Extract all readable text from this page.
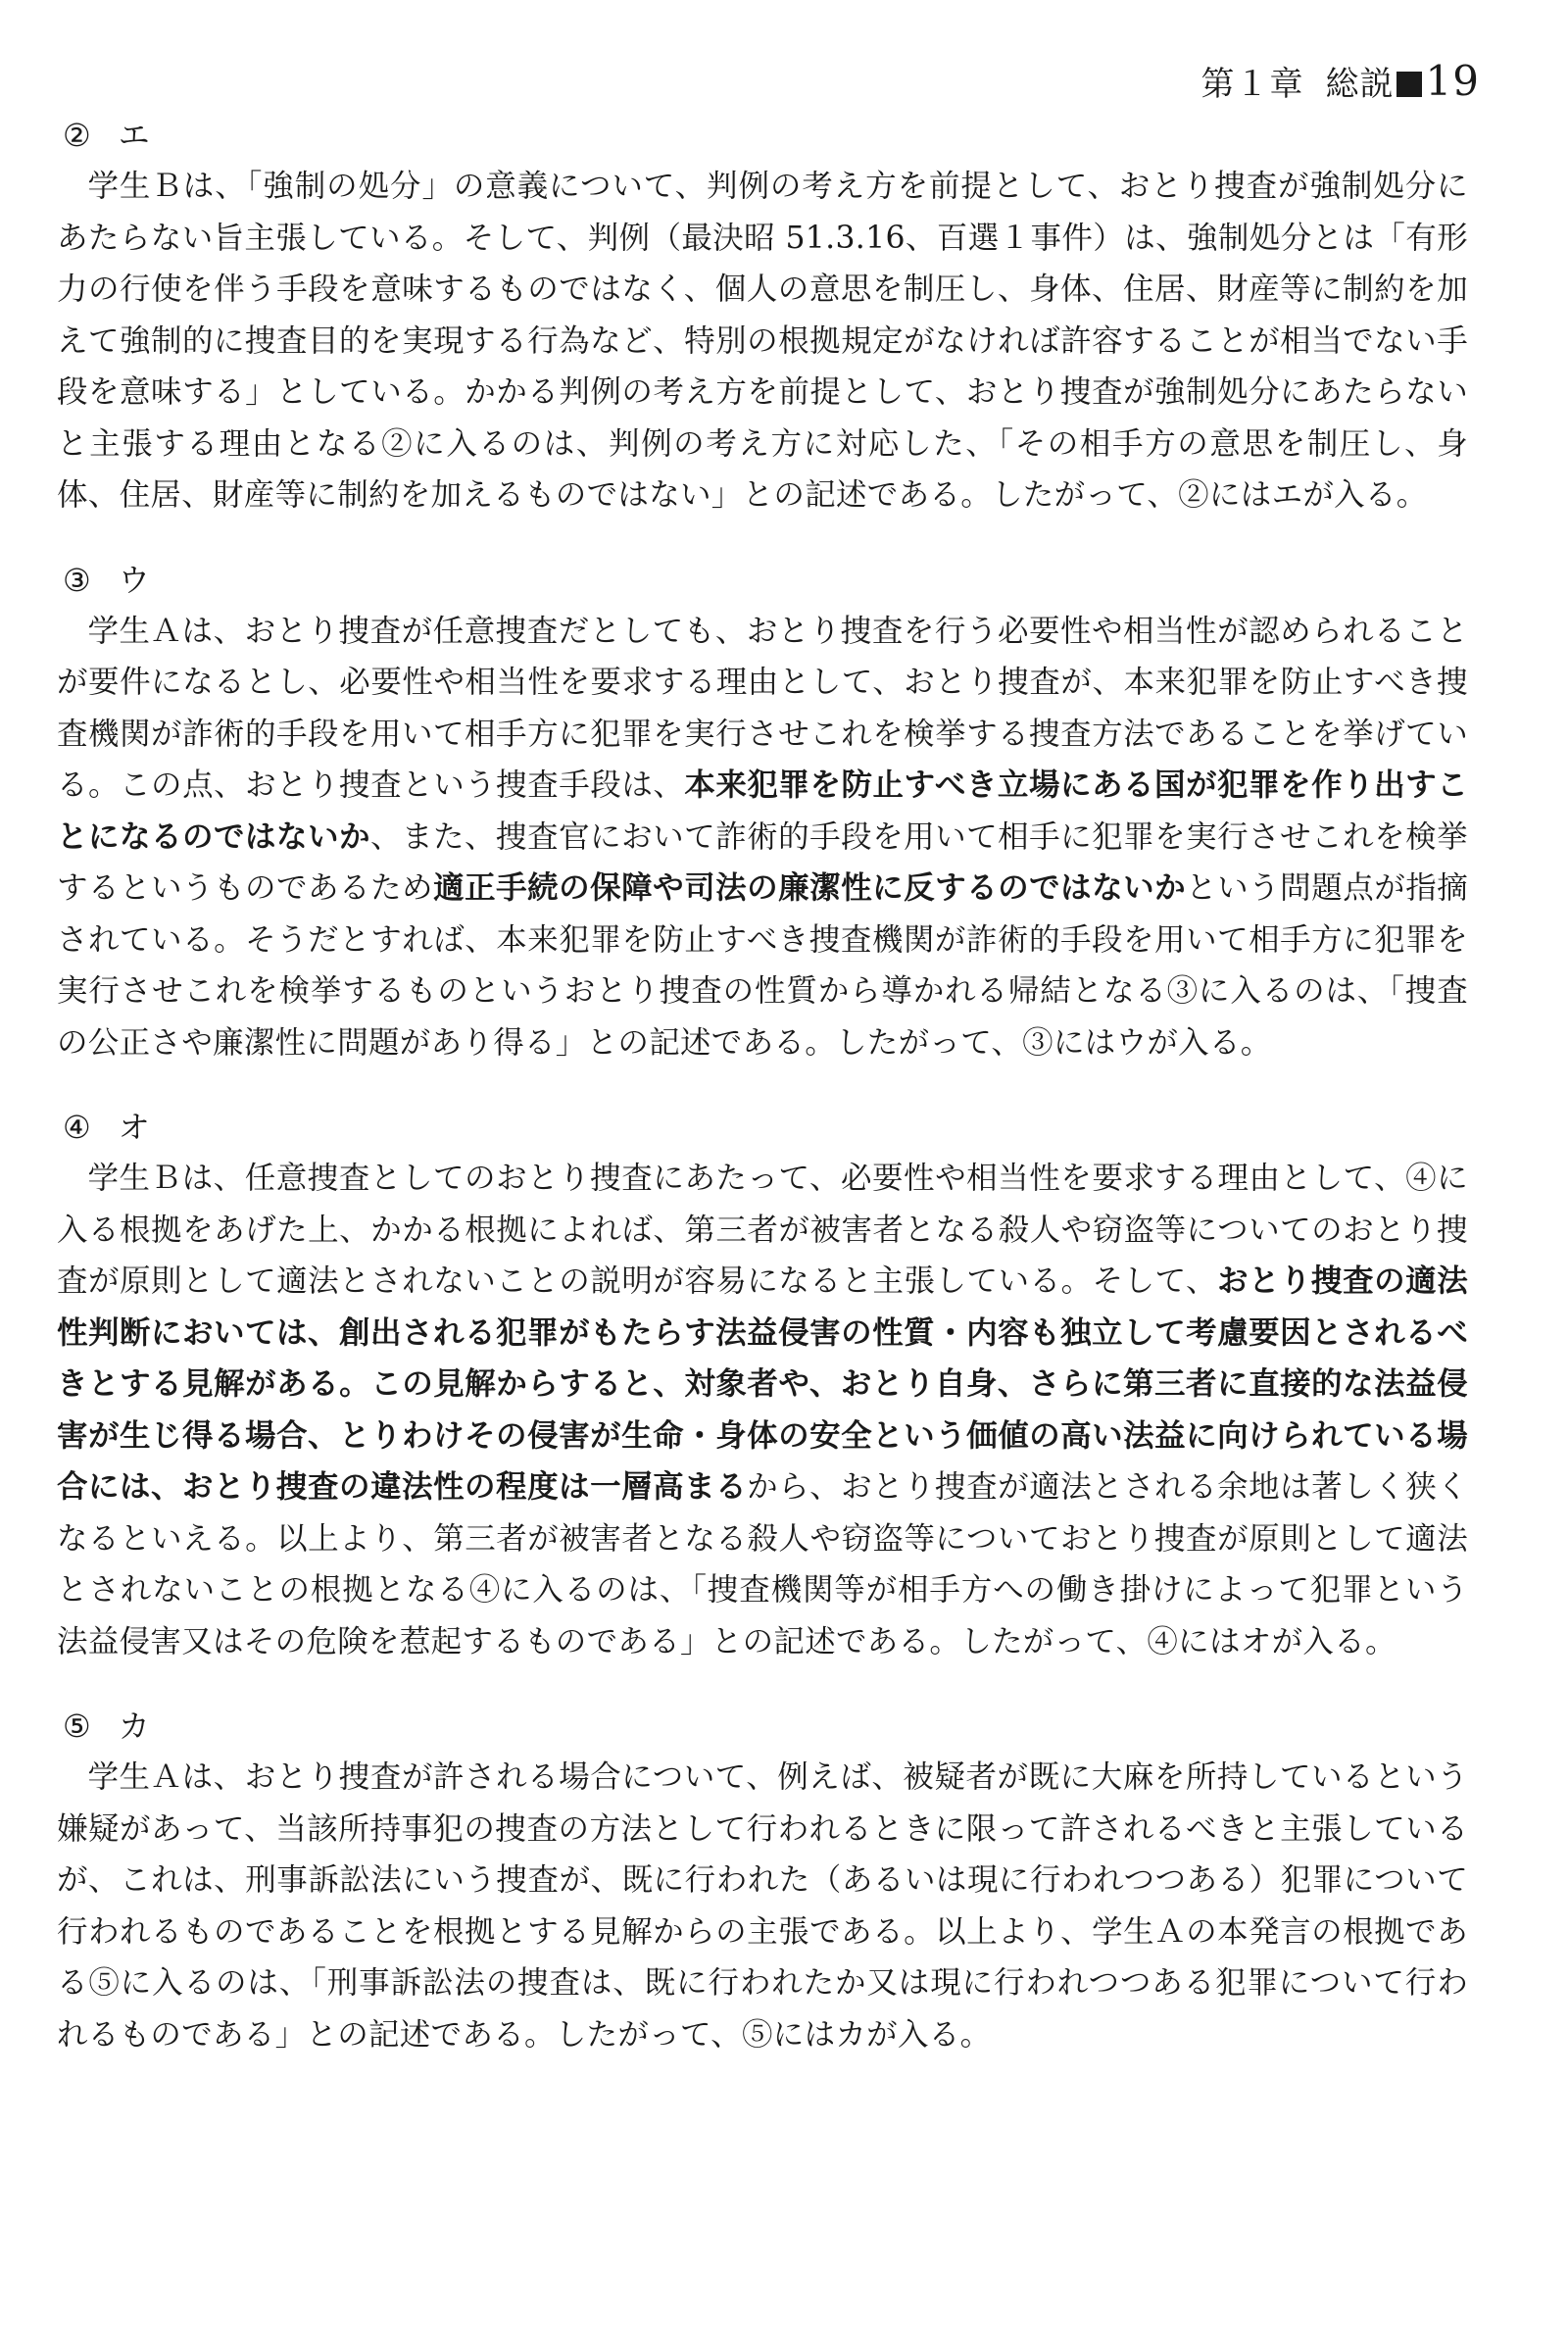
第１章 総説 19
② エ

学生Ｂは、「強制の処分」の意義について、判例の考え方を前提として、おとり捜査が強制処分にあたらない旨主張している。そして、判例（最決昭 51.3.16、百選１事件）は、強制処分とは「有形力の行使を伴う手段を意味するものではなく、個人の意思を制圧し、身体、住居、財産等に制約を加えて強制的に捜査目的を実現する行為など、特別の根拠規定がなければ許容することが相当でない手段を意味する」としている。かかる判例の考え方を前提として、おとり捜査が強制処分にあたらないと主張する理由となる②に入るのは、判例の考え方に対応した、「その相手方の意思を制圧し、身体、住居、財産等に制約を加えるものではない」との記述である。したがって、②にはエが入る。

③ ウ

学生Ａは、おとり捜査が任意捜査だとしても、おとり捜査を行う必要性や相当性が認められることが要件になるとし、必要性や相当性を要求する理由として、おとり捜査が、本来犯罪を防止すべき捜査機関が詐術的手段を用いて相手方に犯罪を実行させこれを検挙する捜査方法であることを挙げている。この点、おとり捜査という捜査手段は、本来犯罪を防止すべき立場にある国が犯罪を作り出すことになるのではないか、また、捜査官において詐術的手段を用いて相手に犯罪を実行させこれを検挙するというものであるため適正手続の保障や司法の廉潔性に反するのではないかという問題点が指摘されている。そうだとすれば、本来犯罪を防止すべき捜査機関が詐術的手段を用いて相手方に犯罪を実行させこれを検挙するものというおとり捜査の性質から導かれる帰結となる③に入るのは、「捜査の公正さや廉潔性に問題があり得る」との記述である。したがって、③にはウが入る。

④ オ

学生Ｂは、任意捜査としてのおとり捜査にあたって、必要性や相当性を要求する理由として、④に入る根拠をあげた上、かかる根拠によれば、第三者が被害者となる殺人や窃盗等についてのおとり捜査が原則として適法とされないことの説明が容易になると主張している。そして、おとり捜査の適法性判断においては、創出される犯罪がもたらす法益侵害の性質・内容も独立して考慮要因とされるべきとする見解がある。この見解からすると、対象者や、おとり自身、さらに第三者に直接的な法益侵害が生じ得る場合、とりわけその侵害が生命・身体の安全という価値の高い法益に向けられている場合には、おとり捜査の違法性の程度は一層高まるから、おとり捜査が適法とされる余地は著しく狭くなるといえる。以上より、第三者が被害者となる殺人や窃盗等についておとり捜査が原則として適法とされないことの根拠となる④に入るのは、「捜査機関等が相手方への働き掛けによって犯罪という法益侵害又はその危険を惹起するものである」との記述である。したがって、④にはオが入る。

⑤ カ

学生Ａは、おとり捜査が許される場合について、例えば、被疑者が既に大麻を所持しているという嫌疑があって、当該所持事犯の捜査の方法として行われるときに限って許されるべきと主張しているが、これは、刑事訴訟法にいう捜査が、既に行われた（あるいは現に行われつつある）犯罪について行われるものであることを根拠とする見解からの主張である。以上より、学生Ａの本発言の根拠である⑤に入るのは、「刑事訴訟法の捜査は、既に行われたか又は現に行われつつある犯罪について行われるものである」との記述である。したがって、⑤にはカが入る。
